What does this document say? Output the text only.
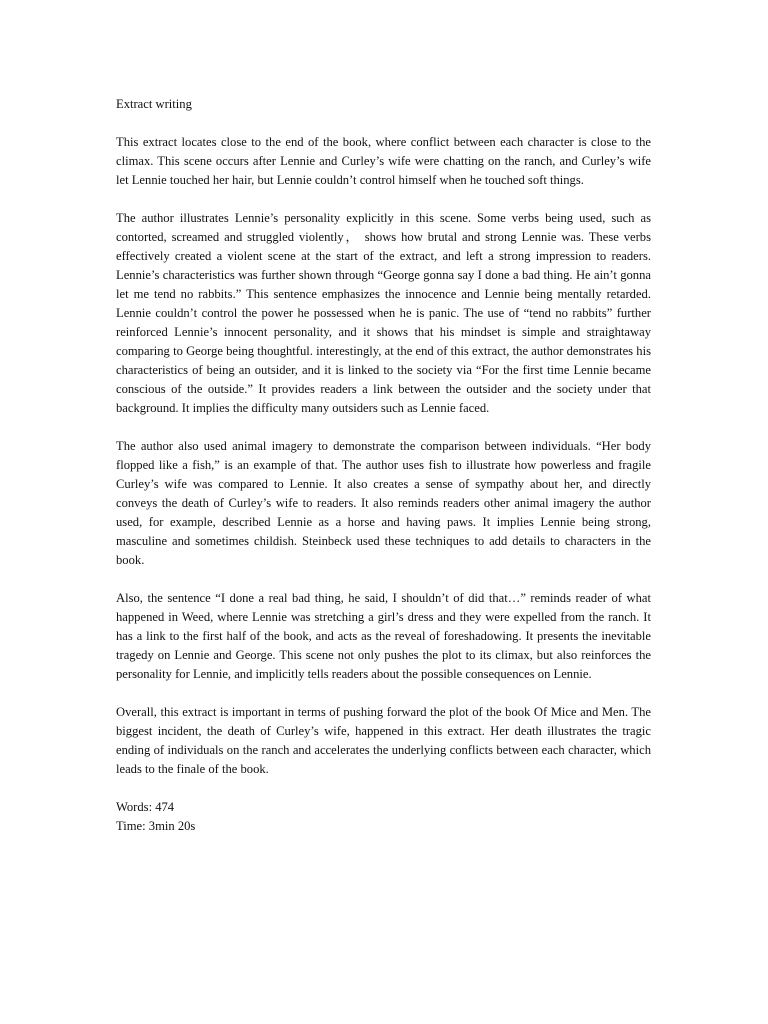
Extract writing

This extract locates close to the end of the book, where conflict between each character is close to the climax. This scene occurs after Lennie and Curley’s wife were chatting on the ranch, and Curley’s wife let Lennie touched her hair, but Lennie couldn’t control himself when he touched soft things.

The author illustrates Lennie’s personality explicitly in this scene. Some verbs being used, such as contorted, screamed and struggled violently， shows how brutal and strong Lennie was. These verbs effectively created a violent scene at the start of the extract, and left a strong impression to readers. Lennie’s characteristics was further shown through “George gonna say I done a bad thing. He ain’t gonna let me tend no rabbits.” This sentence emphasizes the innocence and Lennie being mentally retarded. Lennie couldn’t control the power he possessed when he is panic. The use of “tend no rabbits” further reinforced Lennie’s innocent personality, and it shows that his mindset is simple and straightaway comparing to George being thoughtful. interestingly, at the end of this extract, the author demonstrates his characteristics of being an outsider, and it is linked to the society via “For the first time Lennie became conscious of the outside.” It provides readers a link between the outsider and the society under that background. It implies the difficulty many outsiders such as Lennie faced.

The author also used animal imagery to demonstrate the comparison between individuals. “Her body flopped like a fish,” is an example of that. The author uses fish to illustrate how powerless and fragile Curley’s wife was compared to Lennie. It also creates a sense of sympathy about her, and directly conveys the death of Curley’s wife to readers. It also reminds readers other animal imagery the author used, for example, described Lennie as a horse and having paws. It implies Lennie being strong, masculine and sometimes childish. Steinbeck used these techniques to add details to characters in the book.

Also, the sentence “I done a real bad thing, he said, I shouldn’t of did that…” reminds reader of what happened in Weed, where Lennie was stretching a girl’s dress and they were expelled from the ranch. It has a link to the first half of the book, and acts as the reveal of foreshadowing. It presents the inevitable tragedy on Lennie and George. This scene not only pushes the plot to its climax, but also reinforces the personality for Lennie, and implicitly tells readers about the possible consequences on Lennie.

Overall, this extract is important in terms of pushing forward the plot of the book Of Mice and Men. The biggest incident, the death of Curley’s wife, happened in this extract. Her death illustrates the tragic ending of individuals on the ranch and accelerates the underlying conflicts between each character, which leads to the finale of the book.

Words: 474

Time: 3min 20s
